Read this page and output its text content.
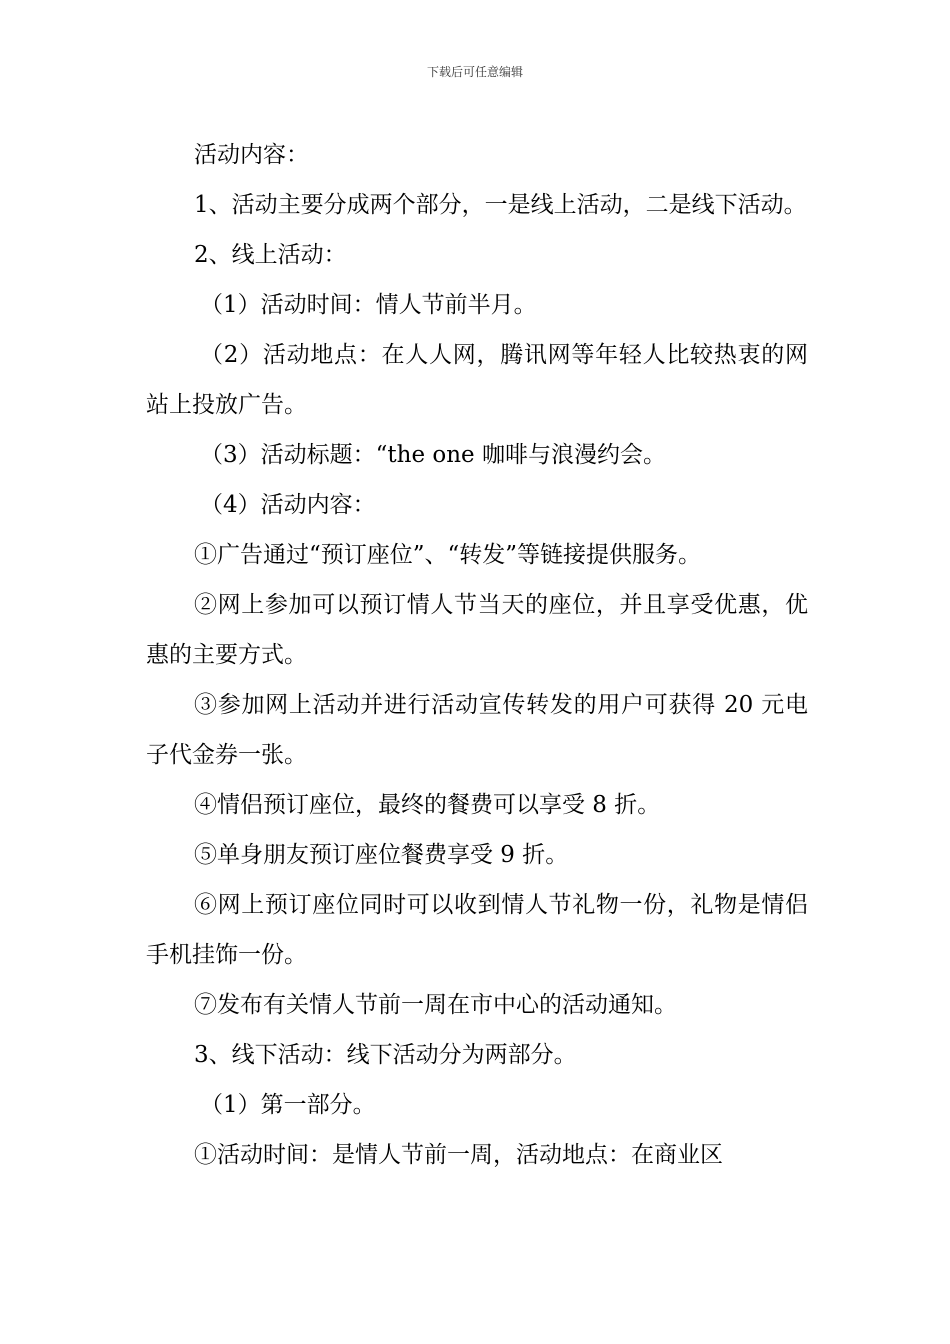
下载后可任意编辑

活动内容：

1、活动主要分成两个部分，一是线上活动，二是线下活动。

2、线上活动：

（1）活动时间：情人节前半月。

（2）活动地点：在人人网，腾讯网等年轻人比较热衷的网站上投放广告。

（3）活动标题：“the one 咖啡与浪漫约会。

（4）活动内容：

①广告通过“预订座位”、“转发”等链接提供服务。

②网上参加可以预订情人节当天的座位，并且享受优惠，优惠的主要方式。

③参加网上活动并进行活动宣传转发的用户可获得 20 元电子代金券一张。

④情侣预订座位，最终的餐费可以享受 8 折。

⑤单身朋友预订座位餐费享受 9 折。

⑥网上预订座位同时可以收到情人节礼物一份，礼物是情侣手机挂饰一份。

⑦发布有关情人节前一周在市中心的活动通知。

3、线下活动：线下活动分为两部分。

（1）第一部分。

①活动时间：是情人节前一周，活动地点：在商业区
